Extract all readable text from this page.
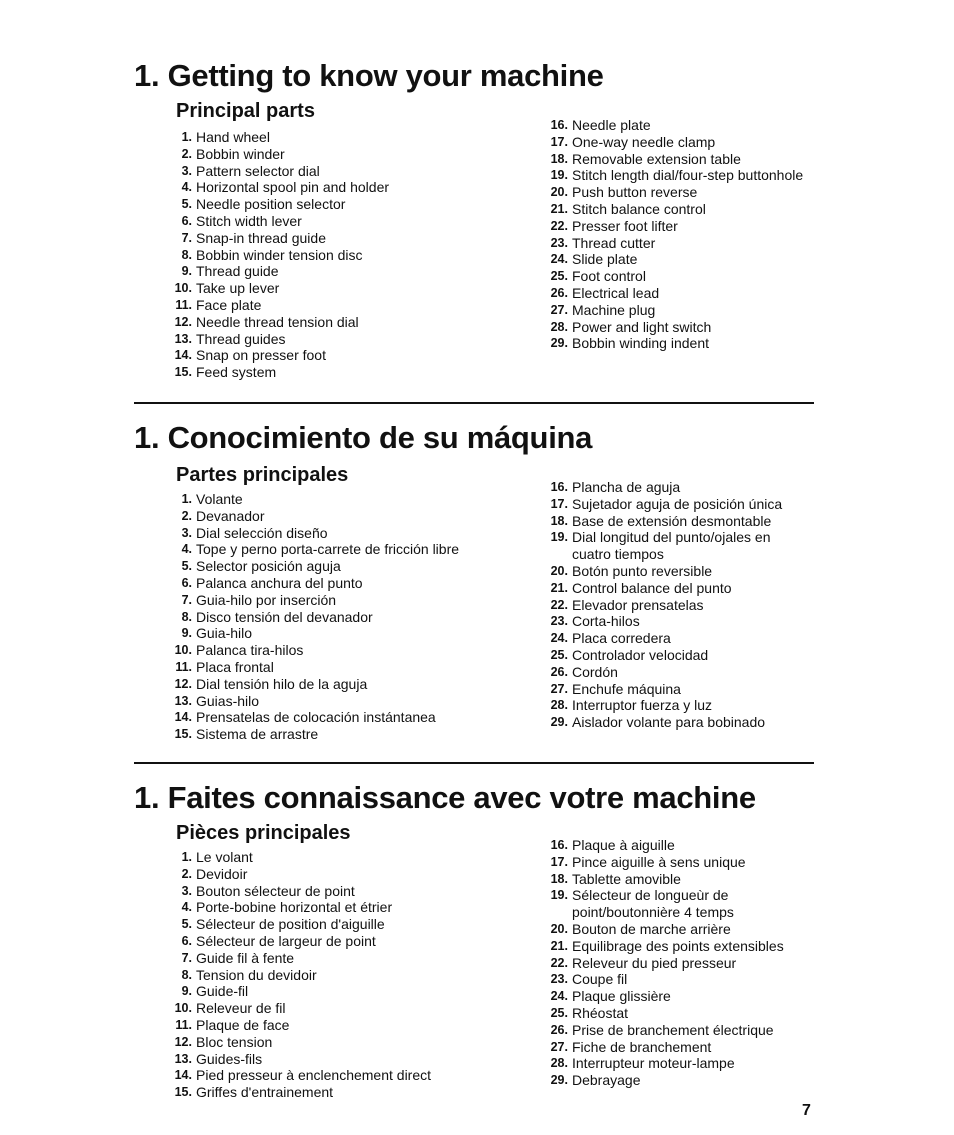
1. Getting to know your machine
Principal parts
1. Hand wheel
2. Bobbin winder
3. Pattern selector dial
4. Horizontal spool pin and holder
5. Needle position selector
6. Stitch width lever
7. Snap-in thread guide
8. Bobbin winder tension disc
9. Thread guide
10. Take up lever
11. Face plate
12. Needle thread tension dial
13. Thread guides
14. Snap on presser foot
15. Feed system
16. Needle plate
17. One-way needle clamp
18. Removable extension table
19. Stitch length dial/four-step buttonhole
20. Push button reverse
21. Stitch balance control
22. Presser foot lifter
23. Thread cutter
24. Slide plate
25. Foot control
26. Electrical lead
27. Machine plug
28. Power and light switch
29. Bobbin winding indent
1. Conocimiento de su máquina
Partes principales
1. Volante
2. Devanador
3. Dial selección diseño
4. Tope y perno porta-carrete de fricción libre
5. Selector posición aguja
6. Palanca anchura del punto
7. Guia-hilo por inserción
8. Disco tensión del devanador
9. Guia-hilo
10. Palanca tira-hilos
11. Placa frontal
12. Dial tensión hilo de la aguja
13. Guias-hilo
14. Prensatelas de colocación instántanea
15. Sistema de arrastre
16. Plancha de aguja
17. Sujetador aguja de posición única
18. Base de extensión desmontable
19. Dial longitud del punto/ojales en cuatro tiempos
20. Botón punto reversible
21. Control balance del punto
22. Elevador prensatelas
23. Corta-hilos
24. Placa corredera
25. Controlador velocidad
26. Cordón
27. Enchufe máquina
28. Interruptor fuerza y luz
29. Aislador volante para bobinado
1. Faites connaissance avec votre machine
Pièces principales
1. Le volant
2. Devidoir
3. Bouton sélecteur de point
4. Porte-bobine horizontal et étrier
5. Sélecteur de position d'aiguille
6. Sélecteur de largeur de point
7. Guide fil à fente
8. Tension du devidoir
9. Guide-fil
10. Releveur de fil
11. Plaque de face
12. Bloc tension
13. Guides-fils
14. Pied presseur à enclenchement direct
15. Griffes d'entrainement
16. Plaque à aiguille
17. Pince aiguille à sens unique
18. Tablette amovible
19. Sélecteur de longueùr de point/boutonnière 4 temps
20. Bouton de marche arrière
21. Equilibrage des points extensibles
22. Releveur du pied presseur
23. Coupe fil
24. Plaque glissière
25. Rhéostat
26. Prise de branchement électrique
27. Fiche de branchement
28. Interrupteur moteur-lampe
29. Debrayage
7
